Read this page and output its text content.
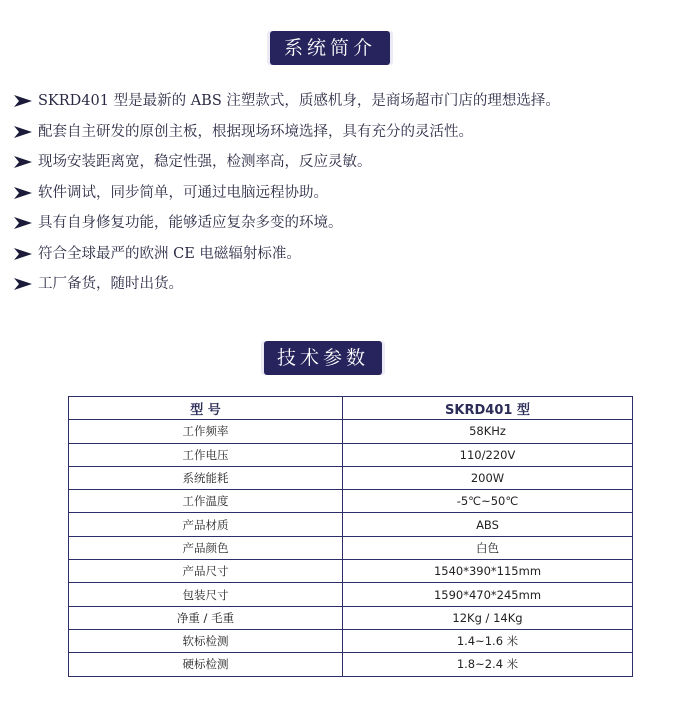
系统简介
SKRD401 型是最新的 ABS 注塑款式，质感机身，是商场超市门店的理想选择。
配套自主研发的原创主板，根据现场环境选择，具有充分的灵活性。
现场安装距离宽，稳定性强，检测率高，反应灵敏。
软件调试，同步简单，可通过电脑远程协助。
具有自身修复功能，能够适应复杂多变的环境。
符合全球最严的欧洲 CE 电磁辐射标准。
工厂备货，随时出货。
技术参数
型 号	SKRD401 型
工作频率	58KHz
工作电压	110/220V
系统能耗	200W
工作温度	-5℃~50℃
产品材质	ABS
产品颜色	白色
产品尺寸	1540*390*115mm
包装尺寸	1590*470*245mm
净重 / 毛重	12Kg / 14Kg
软标检测	1.4~1.6 米
硬标检测	1.8~2.4 米
